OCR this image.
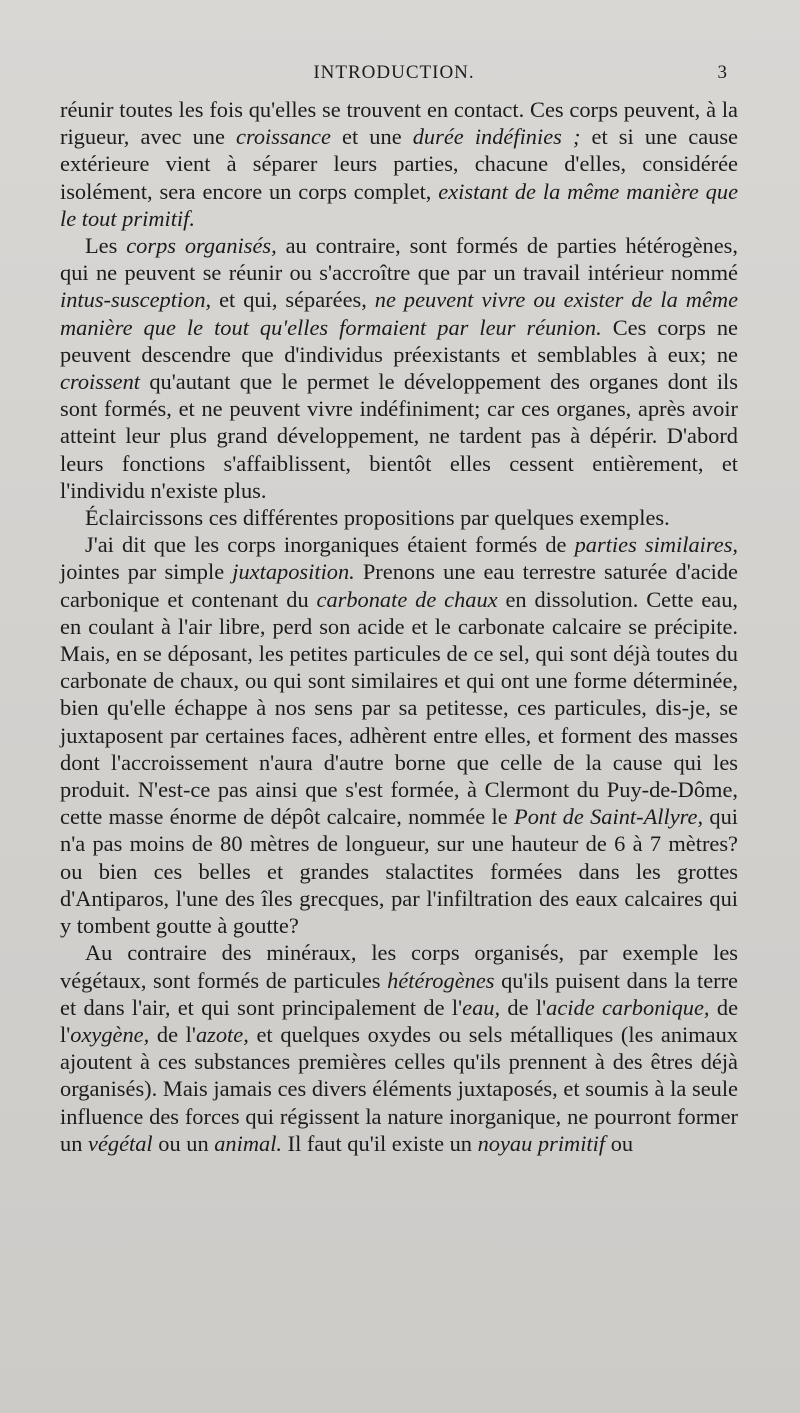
INTRODUCTION.	3

réunir toutes les fois qu'elles se trouvent en contact. Ces corps peuvent, à la rigueur, avec une croissance et une durée indéfinies ; et si une cause extérieure vient à séparer leurs parties, chacune d'elles, considérée isolément, sera encore un corps complet, existant de la même manière que le tout primitif.

Les corps organisés, au contraire, sont formés de parties hétérogènes, qui ne peuvent se réunir ou s'accroître que par un travail intérieur nommé intus-susception, et qui, séparées, ne peuvent vivre ou exister de la même manière que le tout qu'elles formaient par leur réunion. Ces corps ne peuvent descendre que d'individus préexistants et semblables à eux; ne croissent qu'autant que le permet le développement des organes dont ils sont formés, et ne peuvent vivre indéfiniment; car ces organes, après avoir atteint leur plus grand développement, ne tardent pas à dépérir. D'abord leurs fonctions s'affaiblissent, bientôt elles cessent entièrement, et l'individu n'existe plus.

Éclaircissons ces différentes propositions par quelques exemples.

J'ai dit que les corps inorganiques étaient formés de parties similaires, jointes par simple juxtaposition. Prenons une eau terrestre saturée d'acide carbonique et contenant du carbonate de chaux en dissolution. Cette eau, en coulant à l'air libre, perd son acide et le carbonate calcaire se précipite. Mais, en se déposant, les petites particules de ce sel, qui sont déjà toutes du carbonate de chaux, ou qui sont similaires et qui ont une forme déterminée, bien qu'elle échappe à nos sens par sa petitesse, ces particules, dis-je, se juxtaposent par certaines faces, adhèrent entre elles, et forment des masses dont l'accroissement n'aura d'autre borne que celle de la cause qui les produit. N'est-ce pas ainsi que s'est formée, à Clermont du Puy-de-Dôme, cette masse énorme de dépôt calcaire, nommée le Pont de Saint-Allyre, qui n'a pas moins de 80 mètres de longueur, sur une hauteur de 6 à 7 mètres? ou bien ces belles et grandes stalactites formées dans les grottes d'Antiparos, l'une des îles grecques, par l'infiltration des eaux calcaires qui y tombent goutte à goutte?

Au contraire des minéraux, les corps organisés, par exemple les végétaux, sont formés de particules hétérogènes qu'ils puisent dans la terre et dans l'air, et qui sont principalement de l'eau, de l'acide carbonique, de l'oxygène, de l'azote, et quelques oxydes ou sels métalliques (les animaux ajoutent à ces substances premières celles qu'ils prennent à des êtres déjà organisés). Mais jamais ces divers éléments juxtaposés, et soumis à la seule influence des forces qui régissent la nature inorganique, ne pourront former un végétal ou un animal. Il faut qu'il existe un noyau primitif ou
